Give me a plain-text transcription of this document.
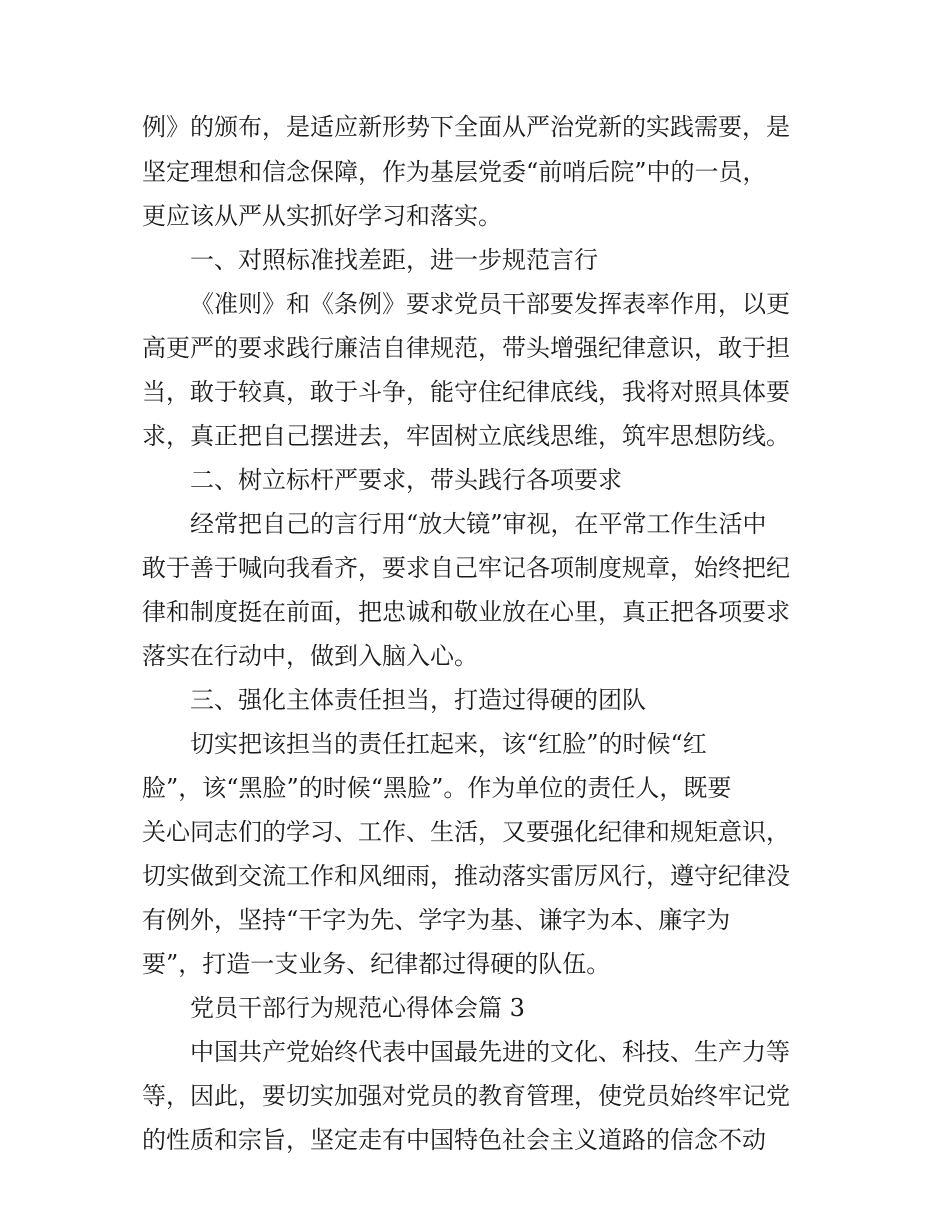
例》的颁布，是适应新形势下全面从严治党新的实践需要，是
坚定理想和信念保障，作为基层党委“前哨后院”中的一员，
更应该从严从实抓好学习和落实。
一、对照标准找差距，进一步规范言行
《准则》和《条例》要求党员干部要发挥表率作用，以更
高更严的要求践行廉洁自律规范，带头增强纪律意识，敢于担
当，敢于较真，敢于斗争，能守住纪律底线，我将对照具体要
求，真正把自己摆进去，牢固树立底线思维，筑牢思想防线。
二、树立标杆严要求，带头践行各项要求
经常把自己的言行用“放大镜”审视，在平常工作生活中
敢于善于喊向我看齐，要求自己牢记各项制度规章，始终把纪
律和制度挺在前面，把忠诚和敬业放在心里，真正把各项要求
落实在行动中，做到入脑入心。
三、强化主体责任担当，打造过得硬的团队
切实把该担当的责任扛起来，该“红脸”的时候“红
脸”，该“黑脸”的时候“黑脸”。作为单位的责任人，既要
关心同志们的学习、工作、生活，又要强化纪律和规矩意识，
切实做到交流工作和风细雨，推动落实雷厉风行，遵守纪律没
有例外，坚持“干字为先、学字为基、谦字为本、廉字为
要”，打造一支业务、纪律都过得硬的队伍。
党员干部行为规范心得体会篇 3
中国共产党始终代表中国最先进的文化、科技、生产力等
等，因此，要切实加强对党员的教育管理，使党员始终牢记党
的性质和宗旨，坚定走有中国特色社会主义道路的信念不动
